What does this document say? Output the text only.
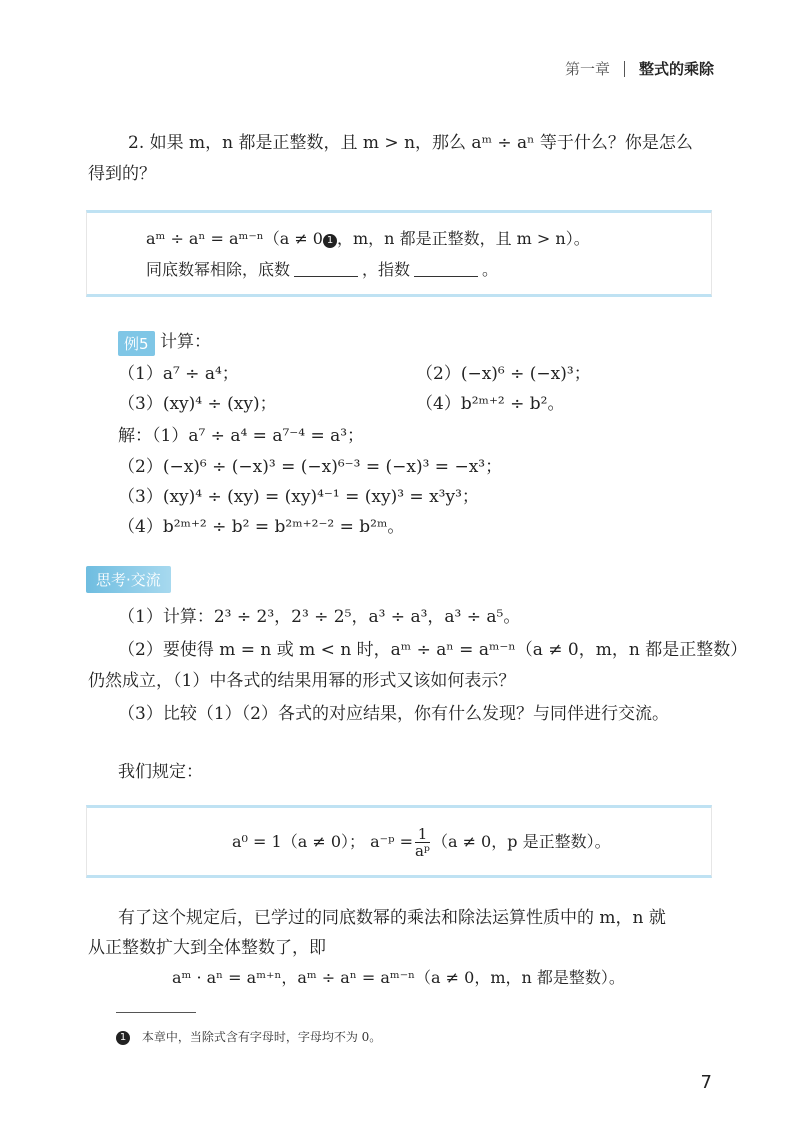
第一章 整式的乘除
2. 如果 m，n 都是正整数，且 m > n，那么 aᵐ ÷ aⁿ 等于什么？你是怎么
得到的？
aᵐ ÷ aⁿ = aᵐ⁻ⁿ（a ≠ 0 1 ，m，n 都是正整数，且 m > n）。
同底数幂相除，底数	，指数	。
例5 计算：
（1）a⁷ ÷ a⁴；	（2）(−x)⁶ ÷ (−x)³；
（3）(xy)⁴ ÷ (xy)；	（4）b²ᵐ⁺² ÷ b²。
解：（1）a⁷ ÷ a⁴ = a⁷⁻⁴ = a³；
（2）(−x)⁶ ÷ (−x)³ = (−x)⁶⁻³ = (−x)³ = −x³；
（3）(xy)⁴ ÷ (xy) = (xy)⁴⁻¹ = (xy)³ = x³y³；
（4）b²ᵐ⁺² ÷ b² = b²ᵐ⁺²⁻² = b²ᵐ。
思考·交流
（1）计算：2³ ÷ 2³，2³ ÷ 2⁵，a³ ÷ a³，a³ ÷ a⁵。
（2）要使得 m = n 或 m < n 时，aᵐ ÷ aⁿ = aᵐ⁻ⁿ（a ≠ 0，m，n 都是正整数）
仍然成立，（1）中各式的结果用幂的形式又该如何表示？
（3）比较（1）（2）各式的对应结果，你有什么发现？与同伴进行交流。
我们规定：
a⁰ = 1（a ≠ 0）； a⁻ᵖ = $\frac{1}{\text{aᵖ}} (a \ne 0$，p 是正整数）。
有了这个规定后，已学过的同底数幂的乘法和除法运算性质中的 m，n 就
从正整数扩大到全体整数了，即
aᵐ · aⁿ = aᵐ⁺ⁿ，aᵐ ÷ aⁿ = aᵐ⁻ⁿ（a ≠ 0，m，n 都是整数）。
1 本章中，当除式含有字母时，字母均不为 0。
7
